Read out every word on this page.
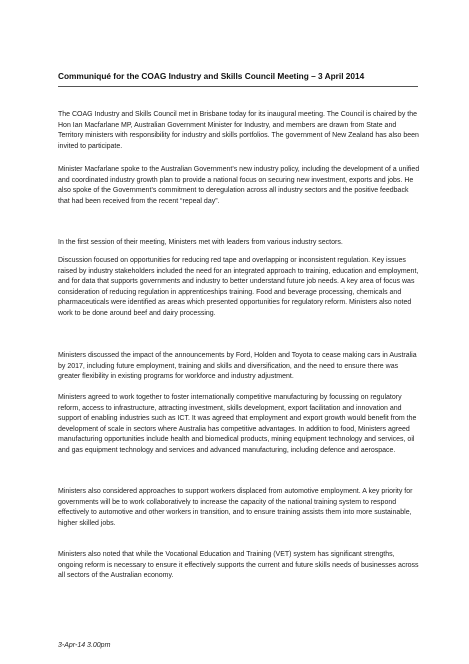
Communiqué for the COAG Industry and Skills Council Meeting – 3 April 2014

The COAG Industry and Skills Council met in Brisbane today for its inaugural meeting. The Council is chaired by the Hon Ian Macfarlane MP, Australian Government Minister for Industry, and members are drawn from State and Territory ministers with responsibility for industry and skills portfolios. The government of New Zealand has also been invited to participate.

Minister Macfarlane spoke to the Australian Government’s new industry policy, including the development of a unified and coordinated industry growth plan to provide a national focus on securing new investment, exports and jobs. He also spoke of the Government’s commitment to deregulation across all industry sectors and the positive feedback that had been received from the recent “repeal day”.

In the first session of their meeting, Ministers met with leaders from various industry sectors.

Discussion focused on opportunities for reducing red tape and overlapping or inconsistent regulation. Key issues raised by industry stakeholders included the need for an integrated approach to training, education and employment, and for data that supports governments and industry to better understand future job needs. A key area of focus was consideration of reducing regulation in apprenticeships training. Food and beverage processing, chemicals and pharmaceuticals were identified as areas which presented opportunities for regulatory reform. Ministers also noted work to be done around beef and dairy processing.

Ministers discussed the impact of the announcements by Ford, Holden and Toyota to cease making cars in Australia by 2017, including future employment, training and skills and diversification, and the need to ensure there was greater flexibility in existing programs for workforce and industry adjustment.

Ministers agreed to work together to foster internationally competitive manufacturing by focussing on regulatory reform, access to infrastructure, attracting investment, skills development, export facilitation and innovation and support of enabling industries such as ICT. It was agreed that employment and export growth would benefit from the development of scale in sectors where Australia has competitive advantages. In addition to food, Ministers agreed manufacturing opportunities include health and biomedical products, mining equipment technology and services, oil and gas equipment technology and services and advanced manufacturing, including defence and aerospace.

Ministers also considered approaches to support workers displaced from automotive employment. A key priority for governments will be to work collaboratively to increase the capacity of the national training system to respond effectively to automotive and other workers in transition, and to ensure training assists them into more sustainable, higher skilled jobs.

Ministers also noted that while the Vocational Education and Training (VET) system has significant strengths, ongoing reform is necessary to ensure it effectively supports the current and future skills needs of businesses across all sectors of the Australian economy.

3-Apr-14 3.00pm
